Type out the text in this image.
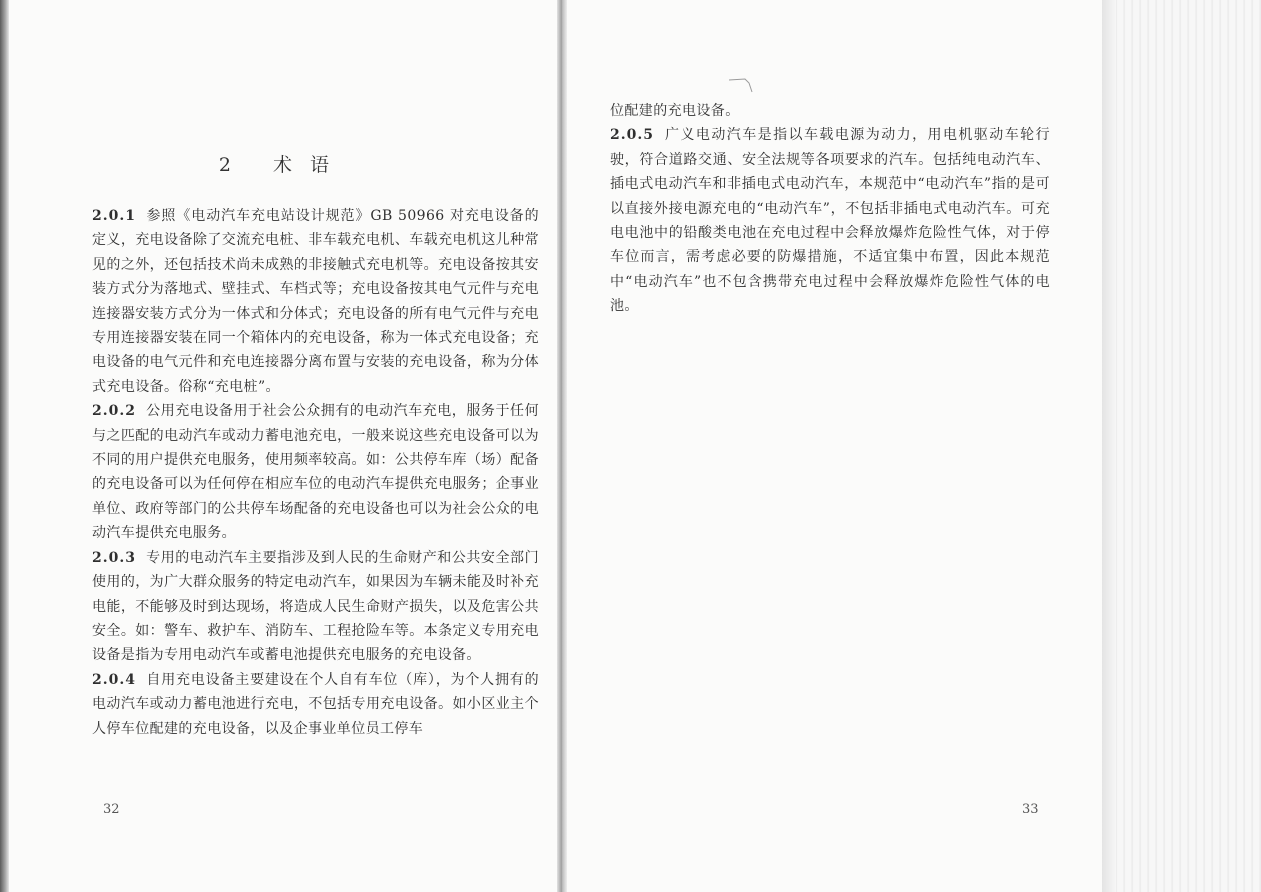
2 术语

2.0.1 参照《电动汽车充电站设计规范》GB 50966 对充电设备的定义，充电设备除了交流充电桩、非车载充电机、车载充电机这儿种常见的之外，还包括技术尚未成熟的非接触式充电机等。充电设备按其安装方式分为落地式、壁挂式、车档式等；充电设备按其电气元件与充电连接器安装方式分为一体式和分体式；充电设备的所有电气元件与充电专用连接器安装在同一个箱体内的充电设备，称为一体式充电设备；充电设备的电气元件和充电连接器分离布置与安装的充电设备，称为分体式充电设备。俗称“充电桩”。

2.0.2 公用充电设备用于社会公众拥有的电动汽车充电，服务于任何与之匹配的电动汽车或动力蓄电池充电，一般来说这些充电设备可以为不同的用户提供充电服务，使用频率较高。如：公共停车库（场）配备的充电设备可以为任何停在相应车位的电动汽车提供充电服务；企事业单位、政府等部门的公共停车场配备的充电设备也可以为社会公众的电动汽车提供充电服务。

2.0.3 专用的电动汽车主要指涉及到人民的生命财产和公共安全部门使用的，为广大群众服务的特定电动汽车，如果因为车辆未能及时补充电能，不能够及时到达现场，将造成人民生命财产损失，以及危害公共安全。如：警车、救护车、消防车、工程抢险车等。本条定义专用充电设备是指为专用电动汽车或蓄电池提供充电服务的充电设备。

2.0.4 自用充电设备主要建设在个人自有车位（库），为个人拥有的电动汽车或动力蓄电池进行充电，不包括专用充电设备。如小区业主个人停车位配建的充电设备，以及企事业单位员工停车

32

位配建的充电设备。

2.0.5 广义电动汽车是指以车载电源为动力，用电机驱动车轮行驶，符合道路交通、安全法规等各项要求的汽车。包括纯电动汽车、插电式电动汽车和非插电式电动汽车，本规范中“电动汽车”指的是可以直接外接电源充电的“电动汽车”，不包括非插电式电动汽车。可充电电池中的铅酸类电池在充电过程中会释放爆炸危险性气体，对于停车位而言，需考虑必要的防爆措施，不适宜集中布置，因此本规范中“电动汽车”也不包含携带充电过程中会释放爆炸危险性气体的电池。

33
